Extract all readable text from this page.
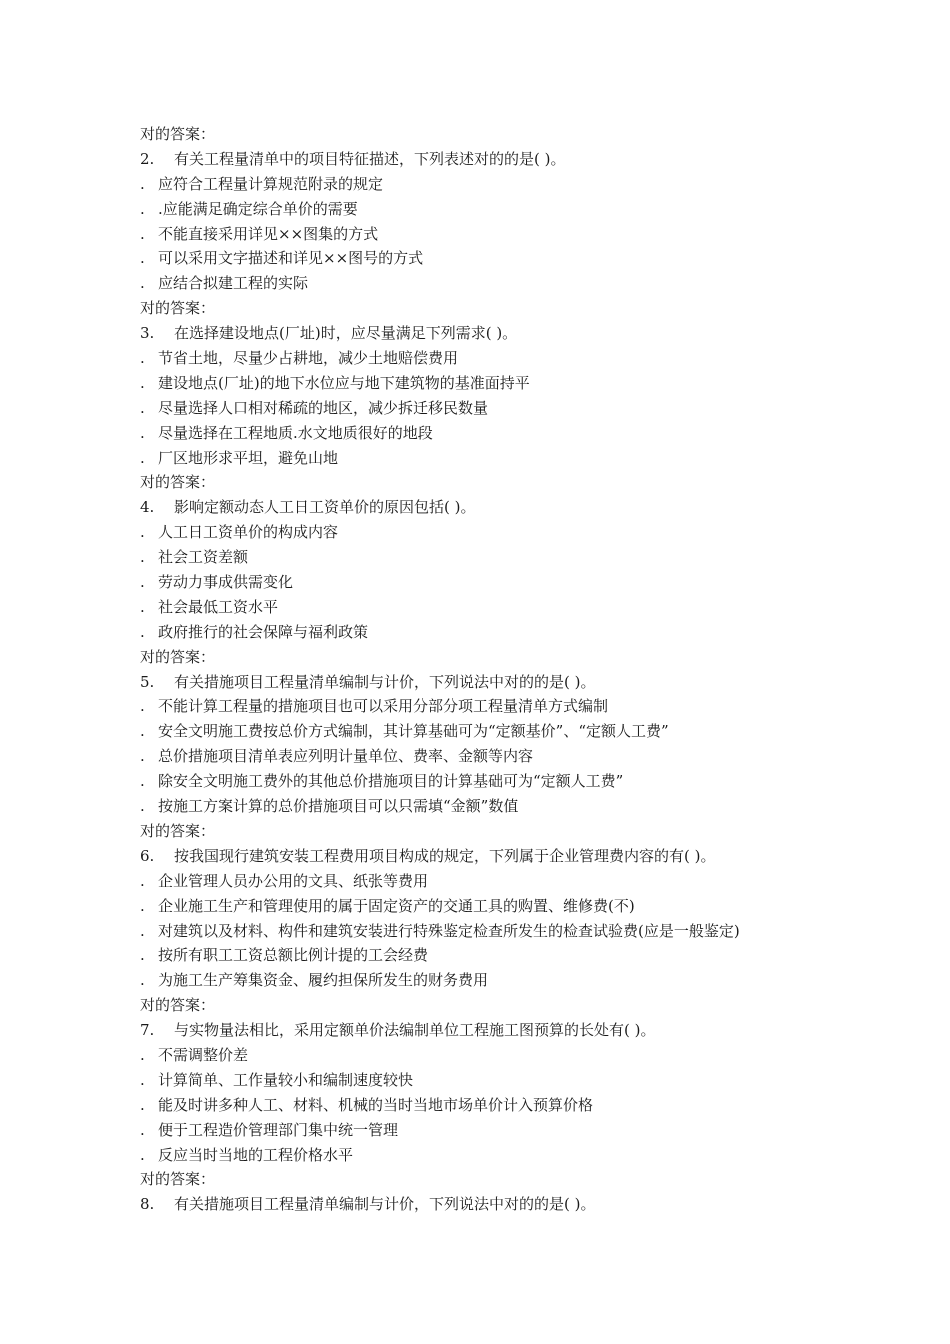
对的答案：
2. 有关工程量清单中的项目特征描述，下列表述对的的是( )。
. 应符合工程量计算规范附录的规定
. .应能满足确定综合单价的需要
. 不能直接采用详见××图集的方式
. 可以采用文字描述和详见××图号的方式
. 应结合拟建工程的实际
对的答案：
3. 在选择建设地点(厂址)时，应尽量满足下列需求( )。
. 节省土地，尽量少占耕地，减少土地赔偿费用
. 建设地点(厂址)的地下水位应与地下建筑物的基准面持平
. 尽量选择人口相对稀疏的地区，减少拆迁移民数量
. 尽量选择在工程地质.水文地质很好的地段
. 厂区地形求平坦，避免山地
对的答案：
4. 影响定额动态人工日工资单价的原因包括( )。
. 人工日工资单价的构成内容
. 社会工资差额
. 劳动力事成供需变化
. 社会最低工资水平
. 政府推行的社会保障与福利政策
对的答案：
5. 有关措施项目工程量清单编制与计价，下列说法中对的的是( )。
. 不能计算工程量的措施项目也可以采用分部分项工程量清单方式编制
. 安全文明施工费按总价方式编制，其计算基础可为“定额基价”、“定额人工费”
. 总价措施项目清单表应列明计量单位、费率、金额等内容
. 除安全文明施工费外的其他总价措施项目的计算基础可为“定额人工费”
. 按施工方案计算的总价措施项目可以只需填“金额”数值
对的答案：
6. 按我国现行建筑安装工程费用项目构成的规定，下列属于企业管理费内容的有( )。
. 企业管理人员办公用的文具、纸张等费用
. 企业施工生产和管理使用的属于固定资产的交通工具的购置、维修费(不)
. 对建筑以及材料、构件和建筑安装进行特殊鉴定检查所发生的检查试验费(应是一般鉴定)
. 按所有职工工资总额比例计提的工会经费
. 为施工生产筹集资金、履约担保所发生的财务费用
对的答案：
7. 与实物量法相比，采用定额单价法编制单位工程施工图预算的长处有( )。
. 不需调整价差
. 计算简单、工作量较小和编制速度较快
. 能及时讲多种人工、材料、机械的当时当地市场单价计入预算价格
. 便于工程造价管理部门集中统一管理
. 反应当时当地的工程价格水平
对的答案：
8. 有关措施项目工程量清单编制与计价，下列说法中对的的是( )。
